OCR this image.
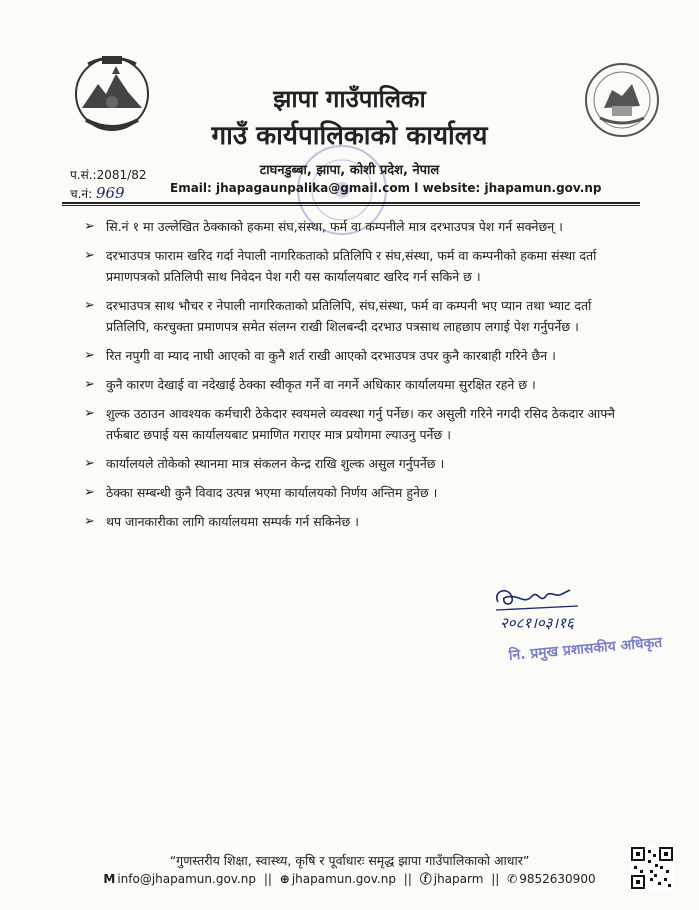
झापा गाउँपालिका
गाउँ कार्यपालिकाको कार्यालय
टाघनडुब्बा, झापा, कोशी प्रदेश, नेपाल
प.सं.:2081/82
च.नं: 969	Email: jhapagaunpalika@gmail.com l website: jhapamun.gov.np
➢ सि.नं १ मा उल्लेखित ठेक्काको हकमा संघ,संस्था, फर्म वा कम्पनीले मात्र दरभाउपत्र पेश गर्न सक्नेछन् ।
➢ दरभाउपत्र फाराम खरिद गर्दा नेपाली नागरिकताको प्रतिलिपि र संघ,संस्था, फर्म वा कम्पनीको हकमा संस्था दर्ता प्रमाणपत्रको प्रतिलिपी साथ निवेदन पेश गरी यस कार्यालयबाट खरिद गर्न सकिने छ ।
➢ दरभाउपत्र साथ भौचर र नेपाली नागरिकताको प्रतिलिपि, संघ,संस्था, फर्म वा कम्पनी भए प्यान तथा भ्याट दर्ता प्रतिलिपि, करचुक्ता प्रमाणपत्र समेत संलग्न राखी शिलबन्दी दरभाउ पत्रसाथ लाहछाप लगाई पेश गर्नुपर्नेछ ।
➢ रित नपुगी वा म्याद नाघी आएको वा कुनै शर्त राखी आएको दरभाउपत्र उपर कुनै कारबाही गरिने छैन ।
➢ कुनै कारण देखाई वा नदेखाई ठेक्का स्वीकृत गर्ने वा नगर्ने अधिकार कार्यालयमा सुरक्षित रहने छ ।
➢ शुल्क उठाउन आवश्यक कर्मचारी ठेकेदार स्वयमले व्यवस्था गर्नु पर्नेछ। कर असुली गरिने नगदी रसिद ठेकदार आफ्नै तर्फबाट छपाई यस कार्यालयबाट प्रमाणित गराएर मात्र प्रयोगमा ल्याउनु पर्नेछ ।
➢ कार्यालयले तोकेको स्थानमा मात्र संकलन केन्द्र राखि शुल्क असुल गर्नुपर्नेछ ।
➢ ठेक्का सम्बन्धी कुनै विवाद उत्पन्न भएमा कार्यालयको निर्णय अन्तिम हुनेछ ।
➢ थप जानकारीका लागि कार्यालयमा सम्पर्क गर्न सकिनेछ ।
२०८१।०३।१६
नि. प्रमुख प्रशासकीय अधिकृत
“गुणस्तरीय शिक्षा, स्वास्थ्य, कृषि र पूर्वाधारः समृद्ध झापा गाउँपालिकाको आधार”
M info@jhapamun.gov.np || ⊕ jhapamun.gov.np || ⓕ jhaparm || ✆ 9852630900
